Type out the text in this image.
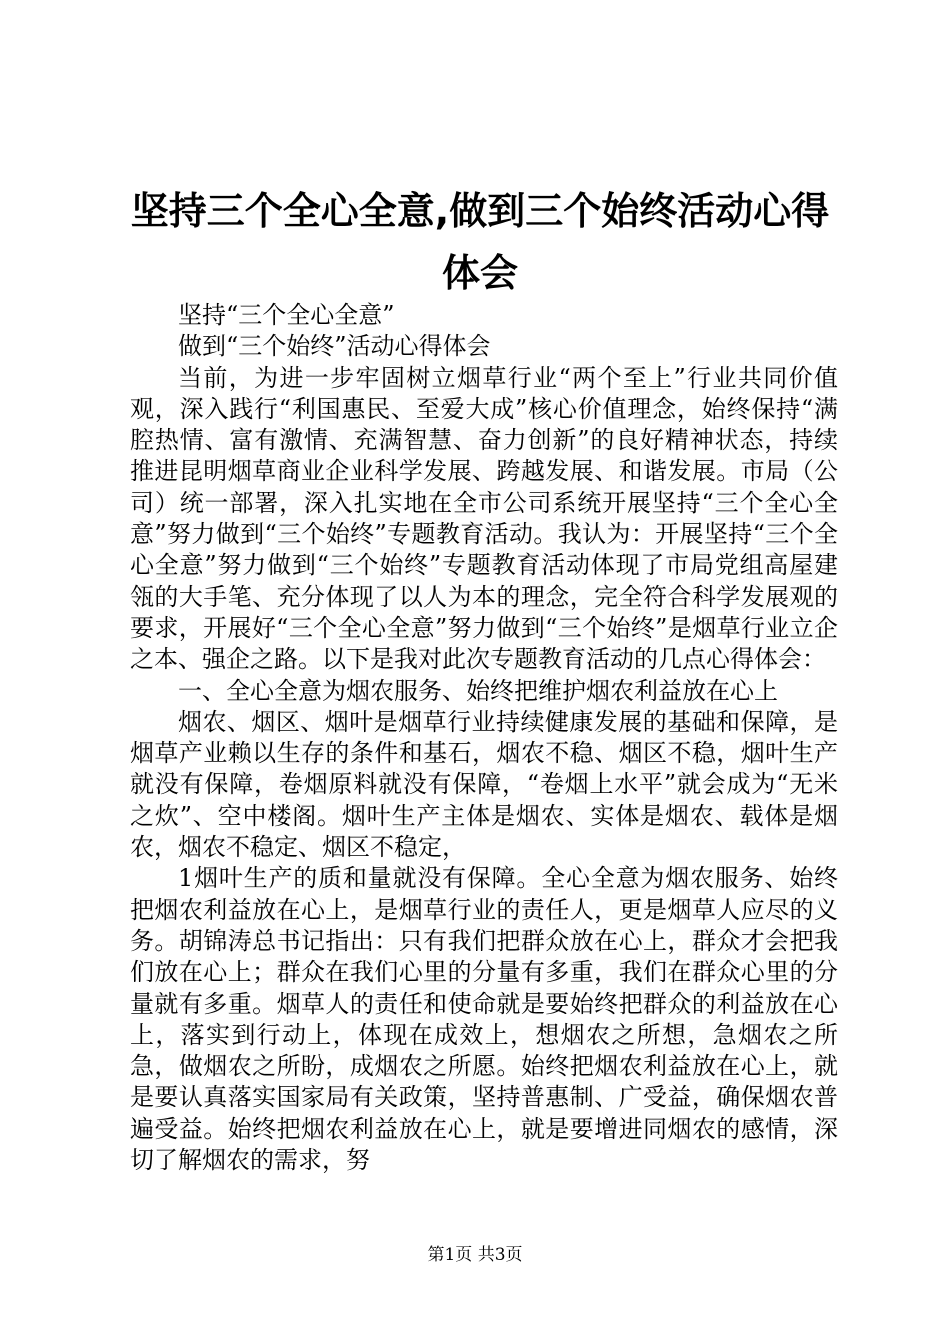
坚持三个全心全意,做到三个始终活动心得体会

坚持“三个全心全意”

做到“三个始终”活动心得体会

当前，为进一步牢固树立烟草行业“两个至上”行业共同价值观，深入践行“利国惠民、至爱大成”核心价值理念，始终保持“满腔热情、富有激情、充满智慧、奋力创新”的良好精神状态，持续推进昆明烟草商业企业科学发展、跨越发展、和谐发展。市局（公司）统一部署，深入扎实地在全市公司系统开展坚持“三个全心全意”努力做到“三个始终”专题教育活动。我认为：开展坚持“三个全心全意”努力做到“三个始终”专题教育活动体现了市局党组高屋建瓴的大手笔、充分体现了以人为本的理念，完全符合科学发展观的要求，开展好“三个全心全意”努力做到“三个始终”是烟草行业立企之本、强企之路。以下是我对此次专题教育活动的几点心得体会：

一、全心全意为烟农服务、始终把维护烟农利益放在心上

烟农、烟区、烟叶是烟草行业持续健康发展的基础和保障，是烟草产业赖以生存的条件和基石，烟农不稳、烟区不稳，烟叶生产就没有保障，卷烟原料就没有保障，“卷烟上水平”就会成为“无米之炊”、空中楼阁。烟叶生产主体是烟农、实体是烟农、载体是烟农，烟农不稳定、烟区不稳定，

1烟叶生产的质和量就没有保障。全心全意为烟农服务、始终把烟农利益放在心上，是烟草行业的责任人，更是烟草人应尽的义务。胡锦涛总书记指出：只有我们把群众放在心上，群众才会把我们放在心上；群众在我们心里的分量有多重，我们在群众心里的分量就有多重。烟草人的责任和使命就是要始终把群众的利益放在心上，落实到行动上，体现在成效上，想烟农之所想，急烟农之所急，做烟农之所盼，成烟农之所愿。始终把烟农利益放在心上，就是要认真落实国家局有关政策，坚持普惠制、广受益，确保烟农普遍受益。始终把烟农利益放在心上，就是要增进同烟农的感情，深切了解烟农的需求，努

第1页 共3页
